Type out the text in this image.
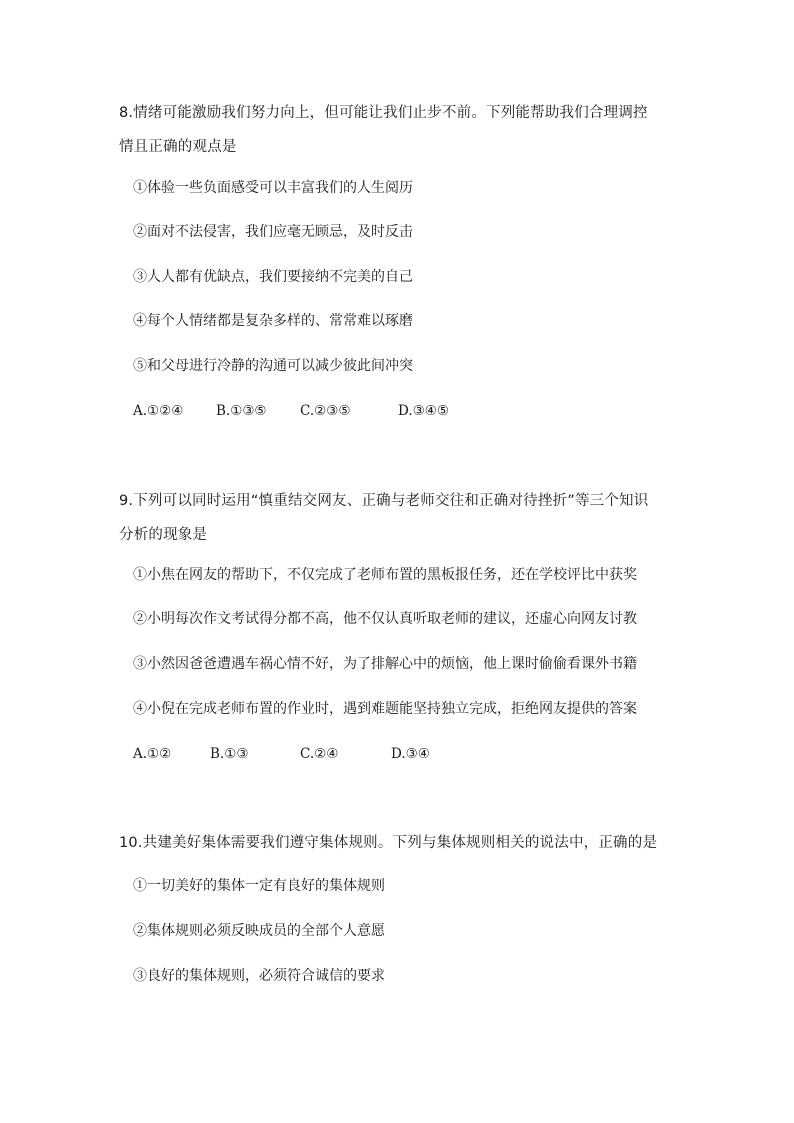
8.情绪可能激励我们努力向上，但可能让我们止步不前。下列能帮助我们合理调控情且正确的观点是
①体验一些负面感受可以丰富我们的人生阅历
②面对不法侵害，我们应毫无顾忌，及时反击
③人人都有优缺点，我们要接纳不完美的自己
④每个人情绪都是复杂多样的、常常难以琢磨
⑤和父母进行冷静的沟通可以减少彼此间冲突
A.①②④ B.①③⑤ C.②③⑤	D.③④⑤
9.下列可以同时运用“慎重结交网友、正确与老师交往和正确对待挫折”等三个知识分析的现象是
①小焦在网友的帮助下，不仅完成了老师布置的黑板报任务，还在学校评比中获奖
②小明每次作文考试得分都不高，他不仅认真听取老师的建议，还虚心向网友讨教
③小然因爸爸遭遇车祸心情不好，为了排解心中的烦恼，他上课时偷偷看课外书籍
④小倪在完成老师布置的作业时，遇到难题能坚持独立完成，拒绝网友提供的答案
A.①②	B.①③	C.②④	D.③④
10.共建美好集体需要我们遵守集体规则。下列与集体规则相关的说法中，正确的是
①一切美好的集体一定有良好的集体规则
②集体规则必须反映成员的全部个人意愿
③良好的集体规则，必须符合诚信的要求
